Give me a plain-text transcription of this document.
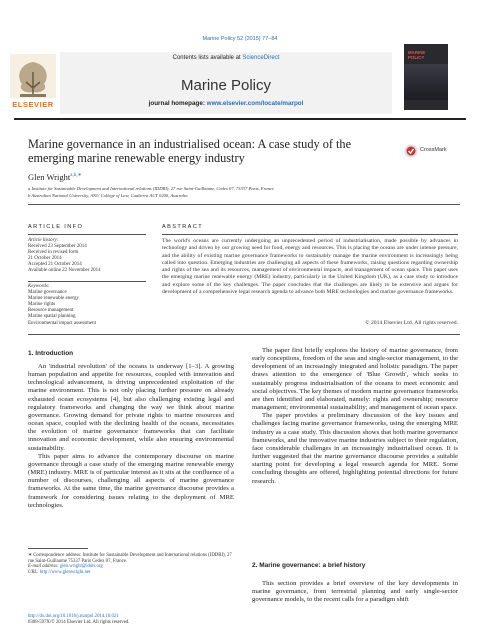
Marine Policy 52 (2015) 77–84
ELSEVIER
Contents lists available at ScienceDirect
Marine Policy
journal homepage: www.elsevier.com/locate/marpol
MARINE
POLICY
Marine governance in an industrialised ocean: A case study of the emerging marine renewable energy industry
CrossMark
Glen Wright$^{a,b,∗}$
a Institute for Sustainable Development and International relations (IDDRI), 27 rue Saint-Guillaume, Cedex 07, 75337 Paris, France
b Australian National University, ANU College of Law, Canberra ACT 0200, Australia
ARTICLE INFO	ABSTRACT
Article history:
Received 23 September 2014
Received in revised form
21 October 2014
Accepted 21 October 2014
Available online 22 November 2014
Keywords:
Marine governance
Marine renewable energy
Marine rights
Resource management
Marine spatial planning
Environmental impact assessment
The world's oceans are currently undergoing an unprecedented period of industrialisation, made possible by advances in technology and driven by our growing need for food, energy and resources. This is placing the oceans are under intense pressure, and the ability of existing marine governance frameworks to sustainably manage the marine environment is increasingly being called into question. Emerging industries are challenging all aspects of these frameworks, raising questions regarding ownership and rights of the sea and its resources, management of environmental impacts, and management of ocean space. This paper uses the emerging marine renewable energy (MRE) industry, particularly in the United Kingdom (UK), as a case study to introduce and explore some of the key challenges. The paper concludes that the challenges are likely to be extensive and argues for development of a comprehensive legal research agenda to advance both MRE technologies and marine governance frameworks.
© 2014 Elsevier Ltd. All rights reserved.
1. Introduction

An 'industrial revolution' of the oceans is underway [1–3]. A growing human population and appetite for resources, coupled with innovation and technological advancement, is driving unprecedented exploitation of the marine environment. This is not only placing further pressure on already exhausted ocean ecosystems [4], but also challenging existing legal and regulatory frameworks and changing the way we think about marine governance. Growing demand for private rights to marine resources and ocean space, coupled with the declining health of the oceans, necessitates the evolution of marine governance frameworks that can facilitate innovation and economic development, while also ensuring environmental sustainability.

This paper aims to advance the contemporary discourse on marine governance through a case study of the emerging marine renewable energy (MRE) industry. MRE is of particular interest as it sits at the confluence of a number of discourses, challenging all aspects of marine governance frameworks. At the same time, the marine governance discourse provides a framework for considering issues relating to the deployment of MRE technologies.

The paper first briefly explores the history of marine governance, from early conceptions, freedom of the seas and single-sector management, to the development of an increasingly integrated and holistic paradigm. The paper draws attention to the emergence of 'Blue Growth', which seeks to sustainably progress industrialisation of the oceans to meet economic and social objectives. The key themes of modern marine governance frameworks are then identified and elaborated, namely: rights and ownership; resource management; environmental sustainability; and management of ocean space.

The paper provides a preliminary discussion of the key issues and challenges facing marine governance frameworks, using the emerging MRE industry as a case study. This discussion shows that both marine governance frameworks, and the innovative marine industries subject to their regulation, face considerable challenges in an increasingly industrialised ocean. It is further suggested that the marine governance discourse provides a suitable starting point for developing a legal research agenda for MRE. Some concluding thoughts are offered, highlighting potential directions for future research.

2. Marine governance: a brief history

This section provides a brief overview of the key developments in marine governance, from terrestrial planning and early single-sector governance models, to the recent calls for a paradigm shift

∗ Correspondence address: Institute for Sustainable Development and International relations (IDDRI), 27 rue Saint-Guillaume 75337 Paris Cedex 07, France.
E-mail address: glen.wright@iddri.org
URL: http://www.glenwright.net
http://dx.doi.org/10.1016/j.marpol.2014.10.021
0308-597X/© 2014 Elsevier Ltd. All rights reserved.
